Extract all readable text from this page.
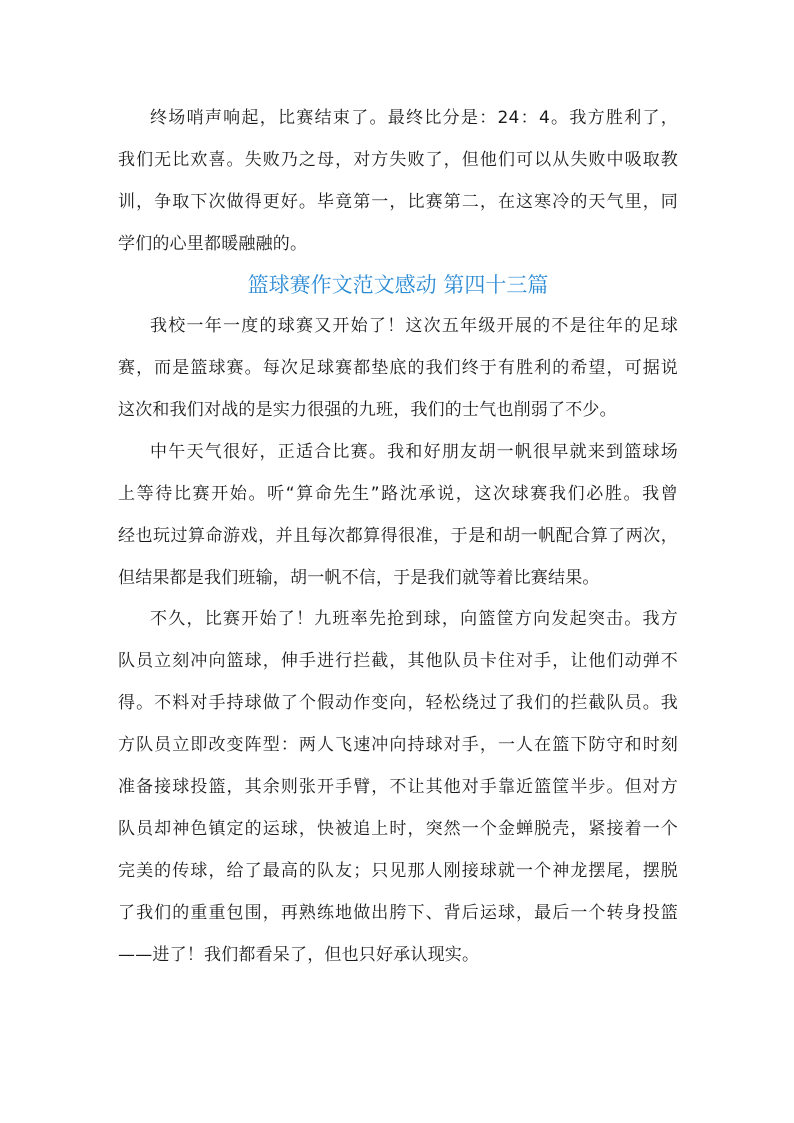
终场哨声响起，比赛结束了。最终比分是：24：4。我方胜利了，
我们无比欢喜。失败乃之母，对方失败了，但他们可以从失败中吸取教
训，争取下次做得更好。毕竟第一，比赛第二，在这寒冷的天气里，同
学们的心里都暖融融的。
篮球赛作文范文感动 第四十三篇
我校一年一度的球赛又开始了！这次五年级开展的不是往年的足球
赛，而是篮球赛。每次足球赛都垫底的我们终于有胜利的希望，可据说
这次和我们对战的是实力很强的九班，我们的士气也削弱了不少。
中午天气很好，正适合比赛。我和好朋友胡一帆很早就来到篮球场
上等待比赛开始。听“算命先生”路沈承说，这次球赛我们必胜。我曾
经也玩过算命游戏，并且每次都算得很准，于是和胡一帆配合算了两次，
但结果都是我们班输，胡一帆不信，于是我们就等着比赛结果。
不久，比赛开始了！九班率先抢到球，向篮筐方向发起突击。我方
队员立刻冲向篮球，伸手进行拦截，其他队员卡住对手，让他们动弹不
得。不料对手持球做了个假动作变向，轻松绕过了我们的拦截队员。我
方队员立即改变阵型：两人飞速冲向持球对手，一人在篮下防守和时刻
准备接球投篮，其余则张开手臂，不让其他对手靠近篮筐半步。但对方
队员却神色镇定的运球，快被追上时，突然一个金蝉脱壳，紧接着一个
完美的传球，给了最高的队友；只见那人刚接球就一个神龙摆尾，摆脱
了我们的重重包围，再熟练地做出胯下、背后运球，最后一个转身投篮
——进了！我们都看呆了，但也只好承认现实。
